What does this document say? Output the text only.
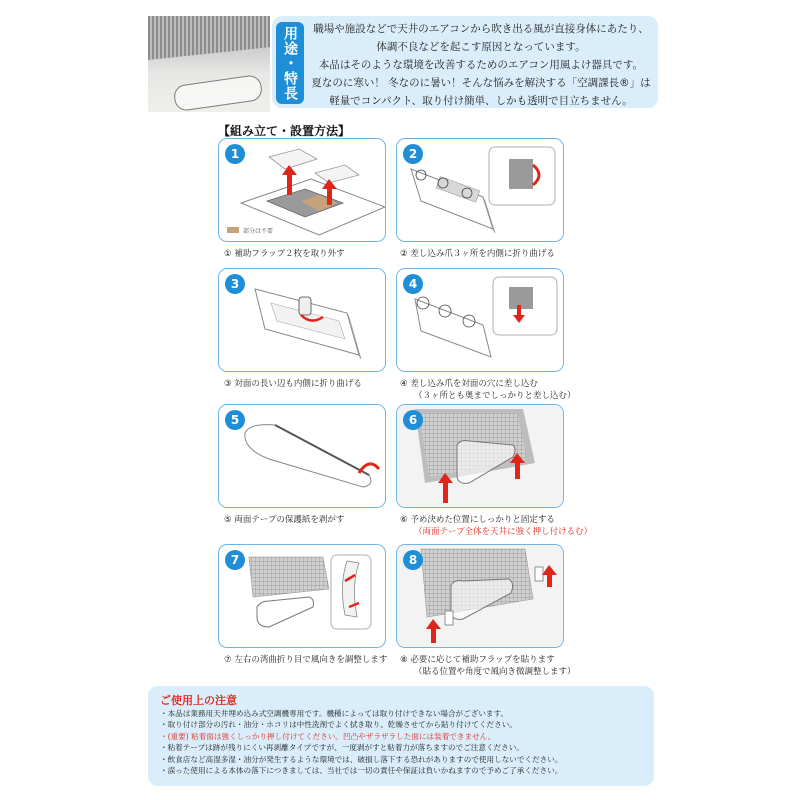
用途・特長	職場や施設などで天井のエアコンから吹き出る風が直接身体にあたり、
体調不良などを起こす原因となっています。
本品はそのような環境を改善するためのエアコン用風よけ器具です。
夏なのに寒い！ 冬なのに暑い！そんな悩みを解決する「空調課長®」は
軽量でコンパクト、取り付け簡単、しかも透明で目立ちません。
【組み立て・設置方法】
1
部分は不要
① 補助フラップ２枚を取り外す
2
② 差し込み爪３ヶ所を内側に折り曲げる
3
③ 対面の長い辺も内側に折り曲げる
4
④ 差し込み爪を対面の穴に差し込む
（３ヶ所とも奥までしっかりと差し込む）
5
⑤ 両面テープの保護紙を剥がす
6
⑥ 予め決めた位置にしっかりと固定する
（両面テープ全体を天井に強く押し付けるむ）
7
⑦ 左右の湾曲折り目で風向きを調整します
8
⑧ 必要に応じて補助フラップを貼ります
（貼る位置や角度で風向き微調整します）
ご使用上の注意
・本品は業務用天井埋め込み式空調機専用です。機種によっては取り付けできない場合がございます。
・取り付け部分の汚れ・油分・ホコリは中性洗剤でよく拭き取り、乾燥させてから貼り付けてください。
・(重要) 粘着面は強くしっかり押し付けてください。凹凸やザラザラした面には装着できません。
・粘着テープは跡が残りにくい再剥離タイプですが、一度剥がすと粘着力が落ちますのでご注意ください。
・飲食店など高湿多湿・油分が発生するような環境では、破損し落下する恐れがありますので使用しないでください。
・誤った使用による本体の落下につきましては、当社では一切の責任や保証は負いかねますので予めご了承ください。
